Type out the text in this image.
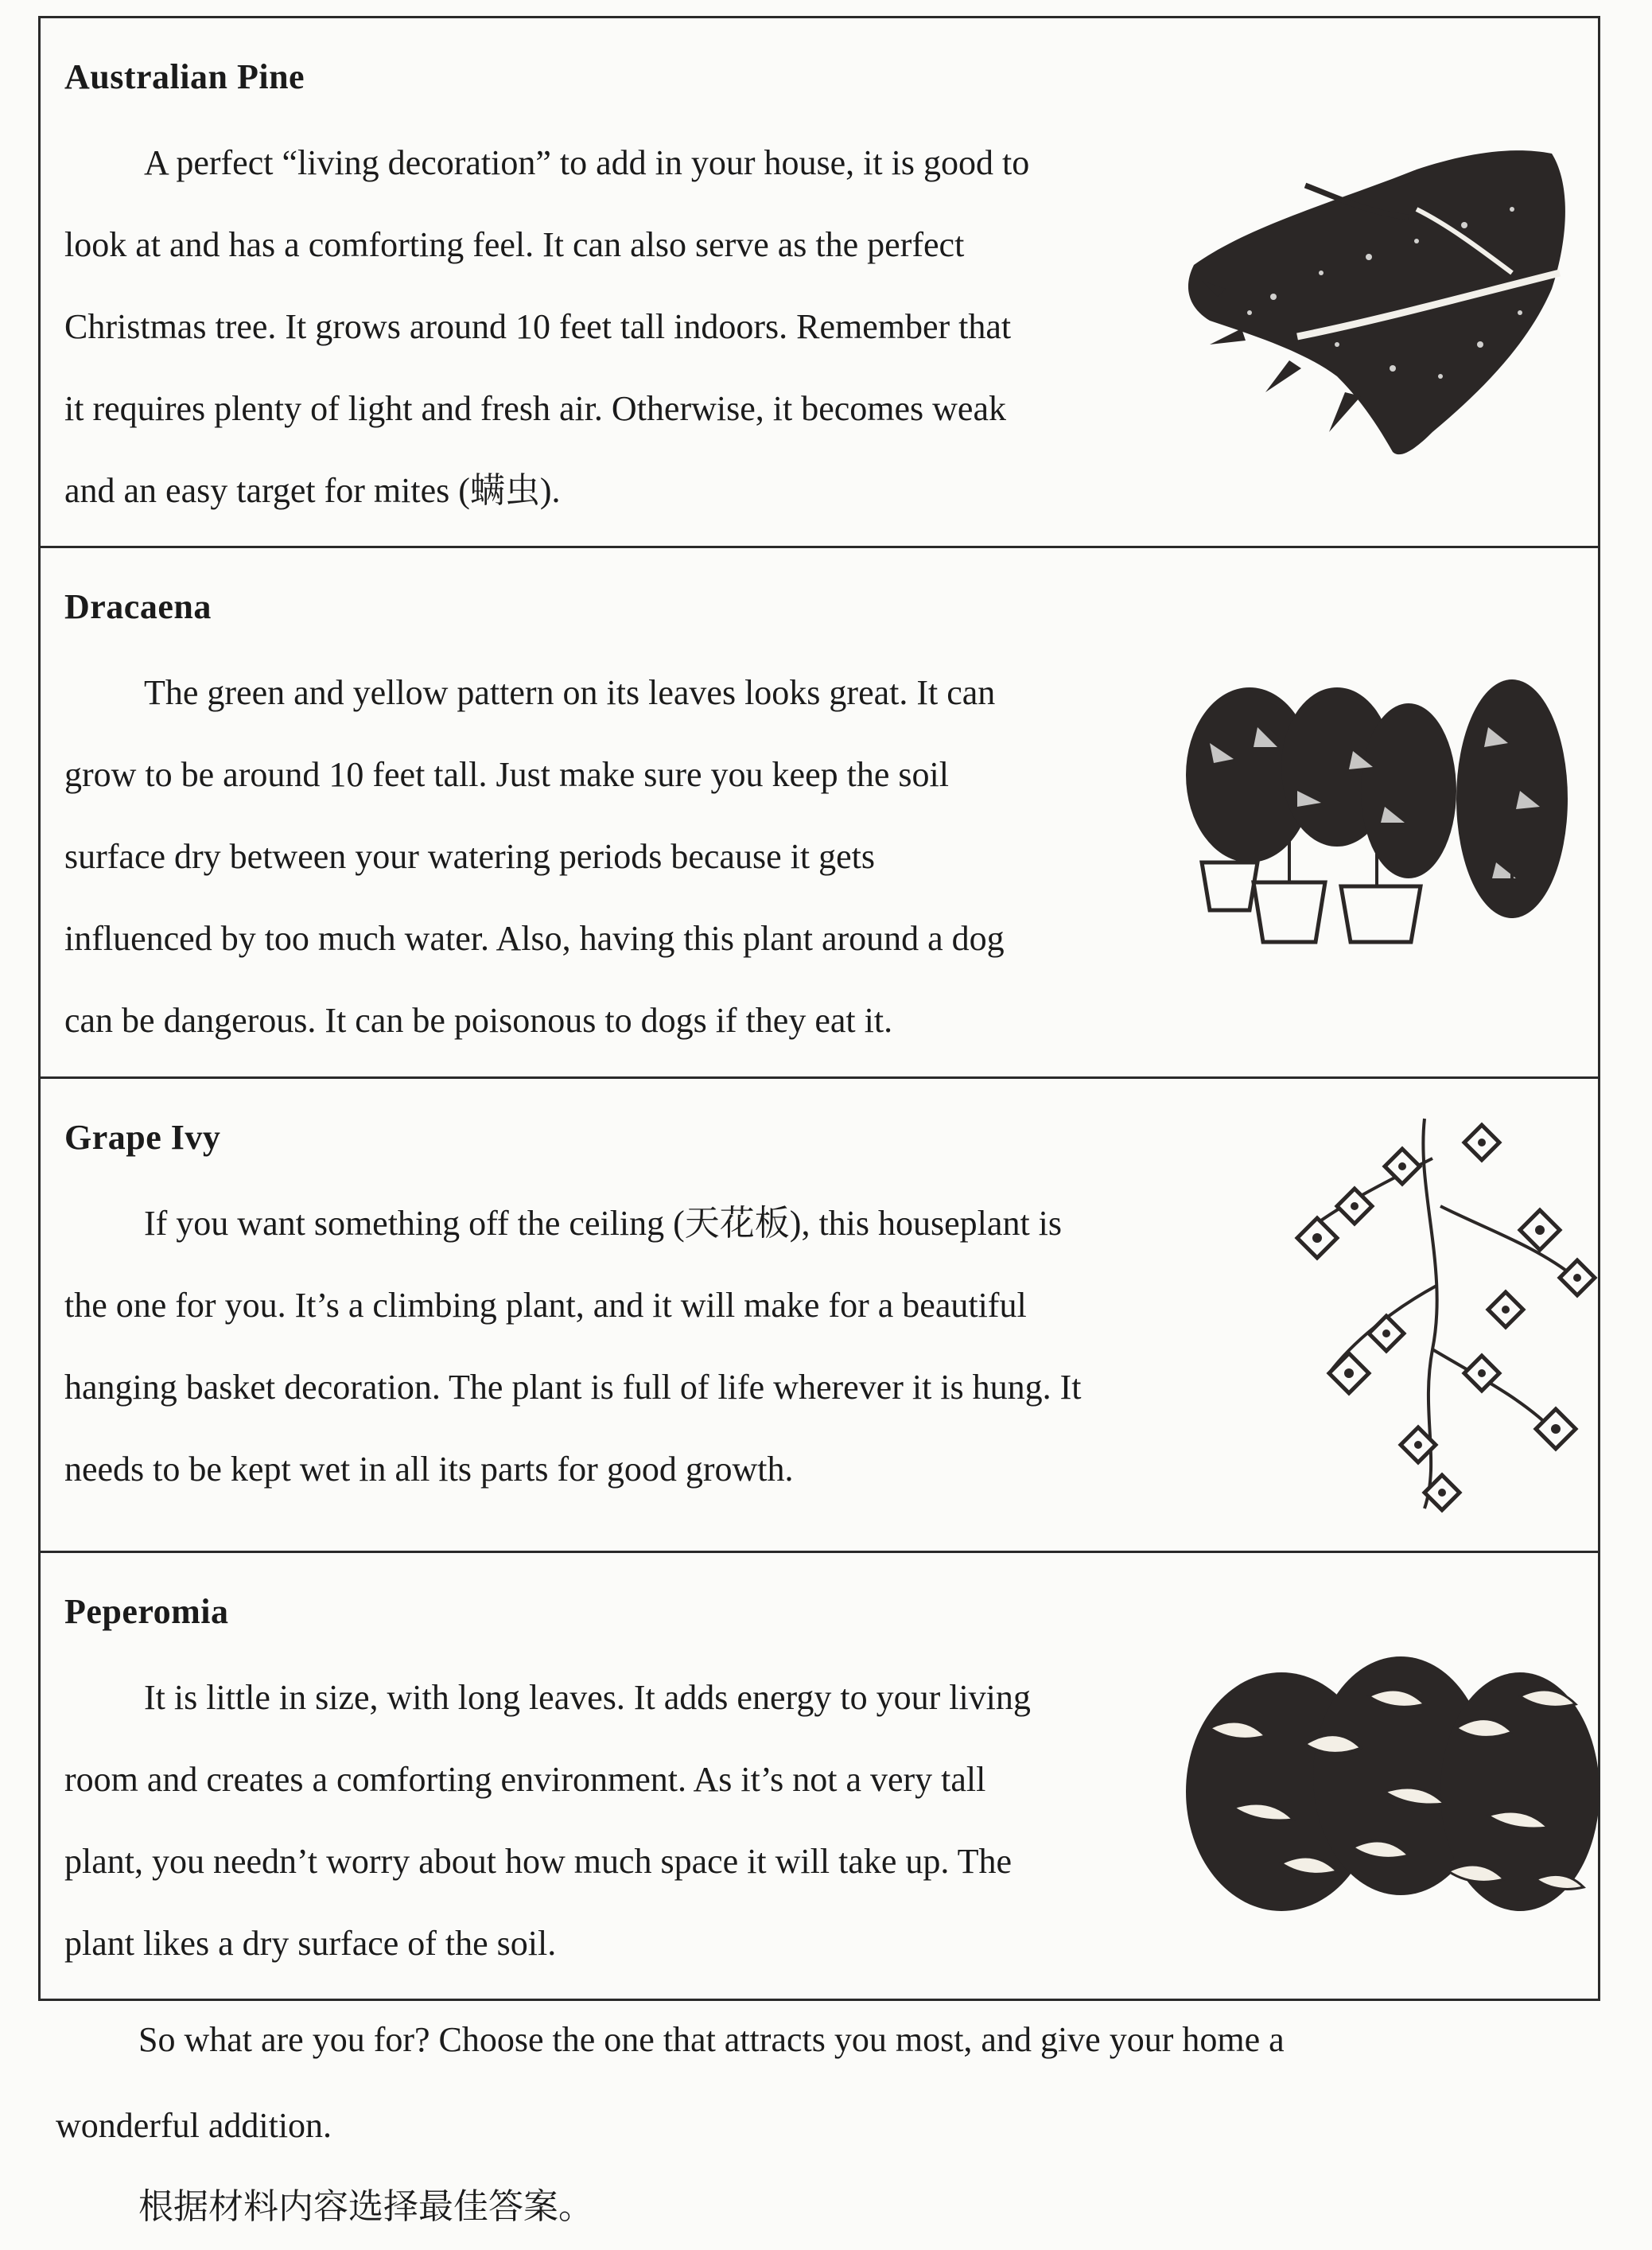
Australian Pine
A perfect “living decoration” to add in your house, it is good to
look at and has a comforting feel. It can also serve as the perfect
Christmas tree. It grows around 10 feet tall indoors. Remember that
it requires plenty of light and fresh air. Otherwise, it becomes weak
and an easy target for mites (螨虫).
Dracaena
The green and yellow pattern on its leaves looks great. It can
grow to be around 10 feet tall. Just make sure you keep the soil
surface dry between your watering periods because it gets
influenced by too much water. Also, having this plant around a dog
can be dangerous. It can be poisonous to dogs if they eat it.
Grape Ivy
If you want something off the ceiling (天花板), this houseplant is
the one for you. It’s a climbing plant, and it will make for a beautiful
hanging basket decoration. The plant is full of life wherever it is hung. It
needs to be kept wet in all its parts for good growth.
Peperomia
It is little in size, with long leaves. It adds energy to your living
room and creates a comforting environment. As it’s not a very tall
plant, you needn’t worry about how much space it will take up. The
plant likes a dry surface of the soil.
So what are you for? Choose the one that attracts you most, and give your home a
wonderful addition.
根据材料内容选择最佳答案。
